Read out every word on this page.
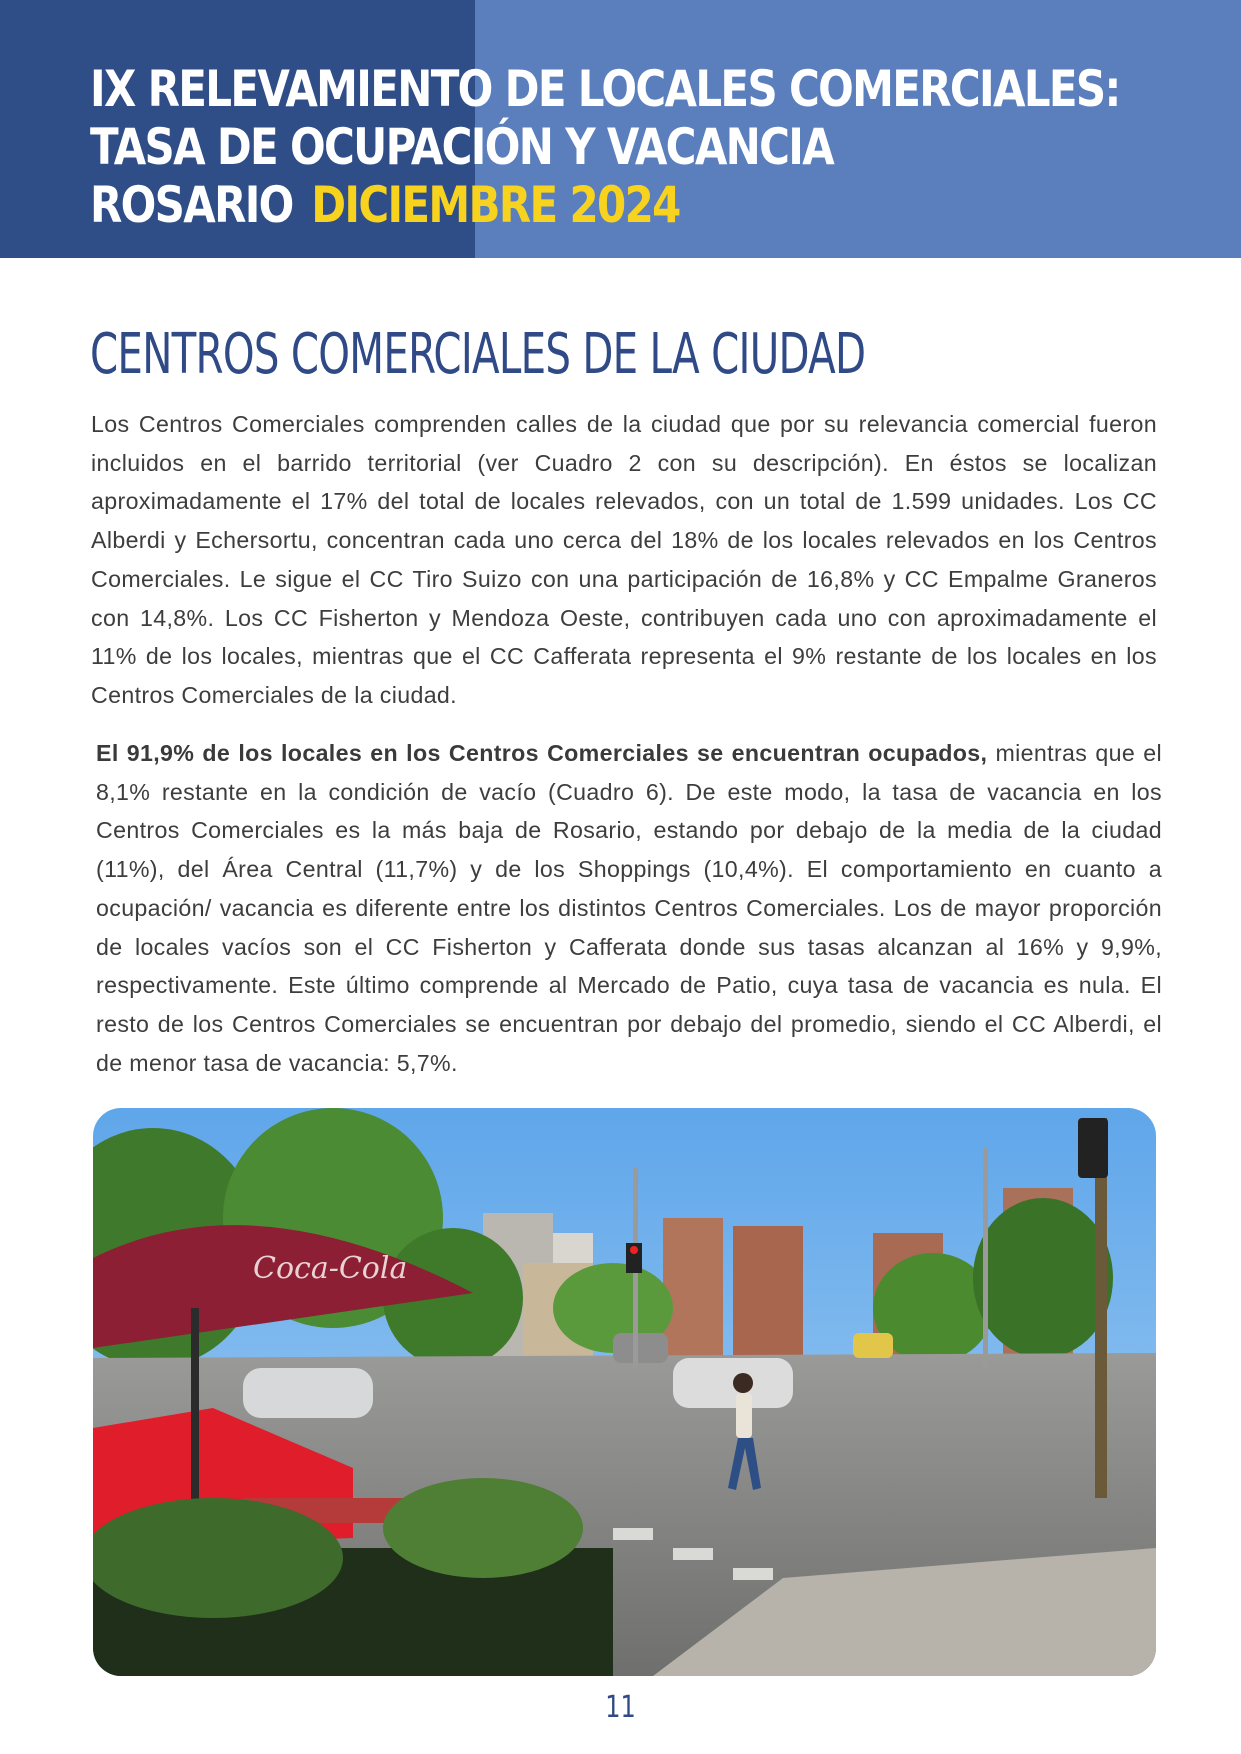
IX RELEVAMIENTO DE LOCALES COMERCIALES:
TASA DE OCUPACIÓN Y VACANCIA
ROSARIO DICIEMBRE 2024
CENTROS COMERCIALES DE LA CIUDAD
Los Centros Comerciales comprenden calles de la ciudad que por su relevancia comercial fueron incluidos en el barrido territorial (ver Cuadro 2 con su descripción). En éstos se localizan aproximadamente el 17% del total de locales relevados, con un total de 1.599 unidades. Los CC Alberdi y Echersortu, concentran cada uno cerca del 18% de los locales relevados en los Centros Comerciales. Le sigue el CC Tiro Suizo con una participación de 16,8% y CC Empalme Graneros con 14,8%. Los CC Fisherton y Mendoza Oeste, contribuyen cada uno con aproximadamente el 11% de los locales, mientras que el CC Cafferata representa el 9% restante de los locales en los Centros Comerciales de la ciudad.
El 91,9% de los locales en los Centros Comerciales se encuentran ocupados, mientras que el 8,1% restante en la condición de vacío (Cuadro 6). De este modo, la tasa de vacancia en los Centros Comerciales es la más baja de Rosario, estando por debajo de la media de la ciudad (11%), del Área Central (11,7%) y de los Shoppings (10,4%). El comportamiento en cuanto a ocupación/ vacancia es diferente entre los distintos Centros Comerciales. Los de mayor proporción de locales vacíos son el CC Fisherton y Cafferata donde sus tasas alcanzan al 16% y 9,9%, respectivamente. Este último comprende al Mercado de Patio, cuya tasa de vacancia es nula. El resto de los Centros Comerciales se encuentran por debajo del promedio, siendo el CC Alberdi, el de menor tasa de vacancia: 5,7%.
Coca-Cola
11
